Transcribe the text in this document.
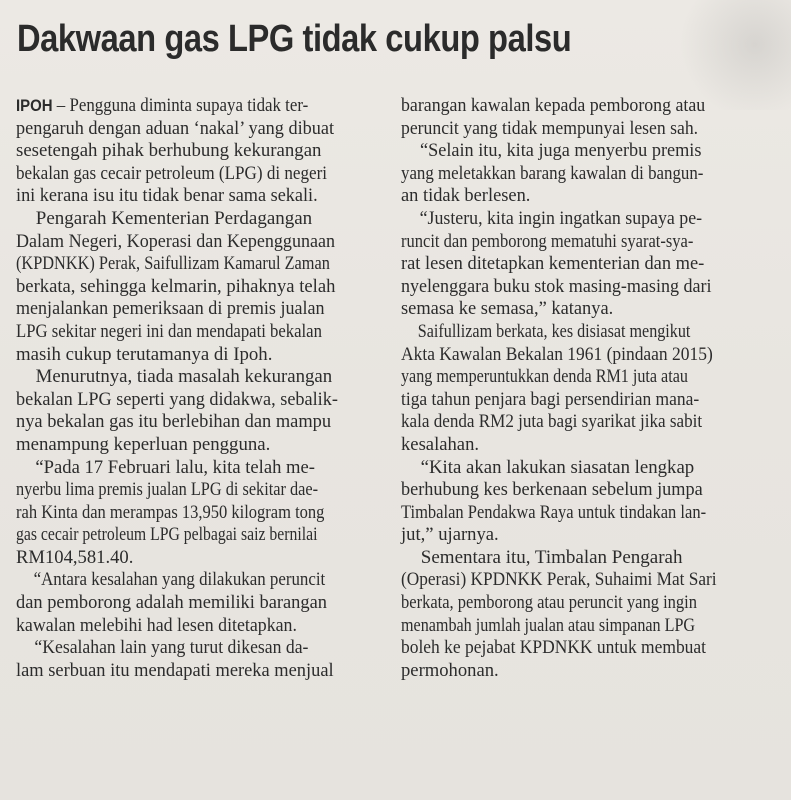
Dakwaan gas LPG tidak cukup palsu
IPOH – Pengguna diminta supaya tidak ter-
pengaruh dengan aduan ‘nakal’ yang dibuat
sesetengah pihak berhubung kekurangan
bekalan gas cecair petroleum (LPG) di negeri
ini kerana isu itu tidak benar sama sekali.
Pengarah Kementerian Perdagangan
Dalam Negeri, Koperasi dan Kepenggunaan
(KPDNKK) Perak, Saifullizam Kamarul Zaman
berkata, sehingga kelmarin, pihaknya telah
menjalankan pemeriksaan di premis jualan
LPG sekitar negeri ini dan mendapati bekalan
masih cukup terutamanya di Ipoh.
Menurutnya, tiada masalah kekurangan
bekalan LPG seperti yang didakwa, sebalik-
nya bekalan gas itu berlebihan dan mampu
menampung keperluan pengguna.
“Pada 17 Februari lalu, kita telah me-
nyerbu lima premis jualan LPG di sekitar dae-
rah Kinta dan merampas 13,950 kilogram tong
gas cecair petroleum LPG pelbagai saiz bernilai
RM104,581.40.
“Antara kesalahan yang dilakukan peruncit
dan pemborong adalah memiliki barangan
kawalan melebihi had lesen ditetapkan.
“Kesalahan lain yang turut dikesan da-
lam serbuan itu mendapati mereka menjual
barangan kawalan kepada pemborong atau
peruncit yang tidak mempunyai lesen sah.
“Selain itu, kita juga menyerbu premis
yang meletakkan barang kawalan di bangun-
an tidak berlesen.
“Justeru, kita ingin ingatkan supaya pe-
runcit dan pemborong mematuhi syarat-sya-
rat lesen ditetapkan kementerian dan me-
nyelenggara buku stok masing-masing dari
semasa ke semasa,” katanya.
Saifullizam berkata, kes disiasat mengikut
Akta Kawalan Bekalan 1961 (pindaan 2015)
yang memperuntukkan denda RM1 juta atau
tiga tahun penjara bagi persendirian mana-
kala denda RM2 juta bagi syarikat jika sabit
kesalahan.
“Kita akan lakukan siasatan lengkap
berhubung kes berkenaan sebelum jumpa
Timbalan Pendakwa Raya untuk tindakan lan-
jut,” ujarnya.
Sementara itu, Timbalan Pengarah
(Operasi) KPDNKK Perak, Suhaimi Mat Sari
berkata, pemborong atau peruncit yang ingin
menambah jumlah jualan atau simpanan LPG
boleh ke pejabat KPDNKK untuk membuat
permohonan.
